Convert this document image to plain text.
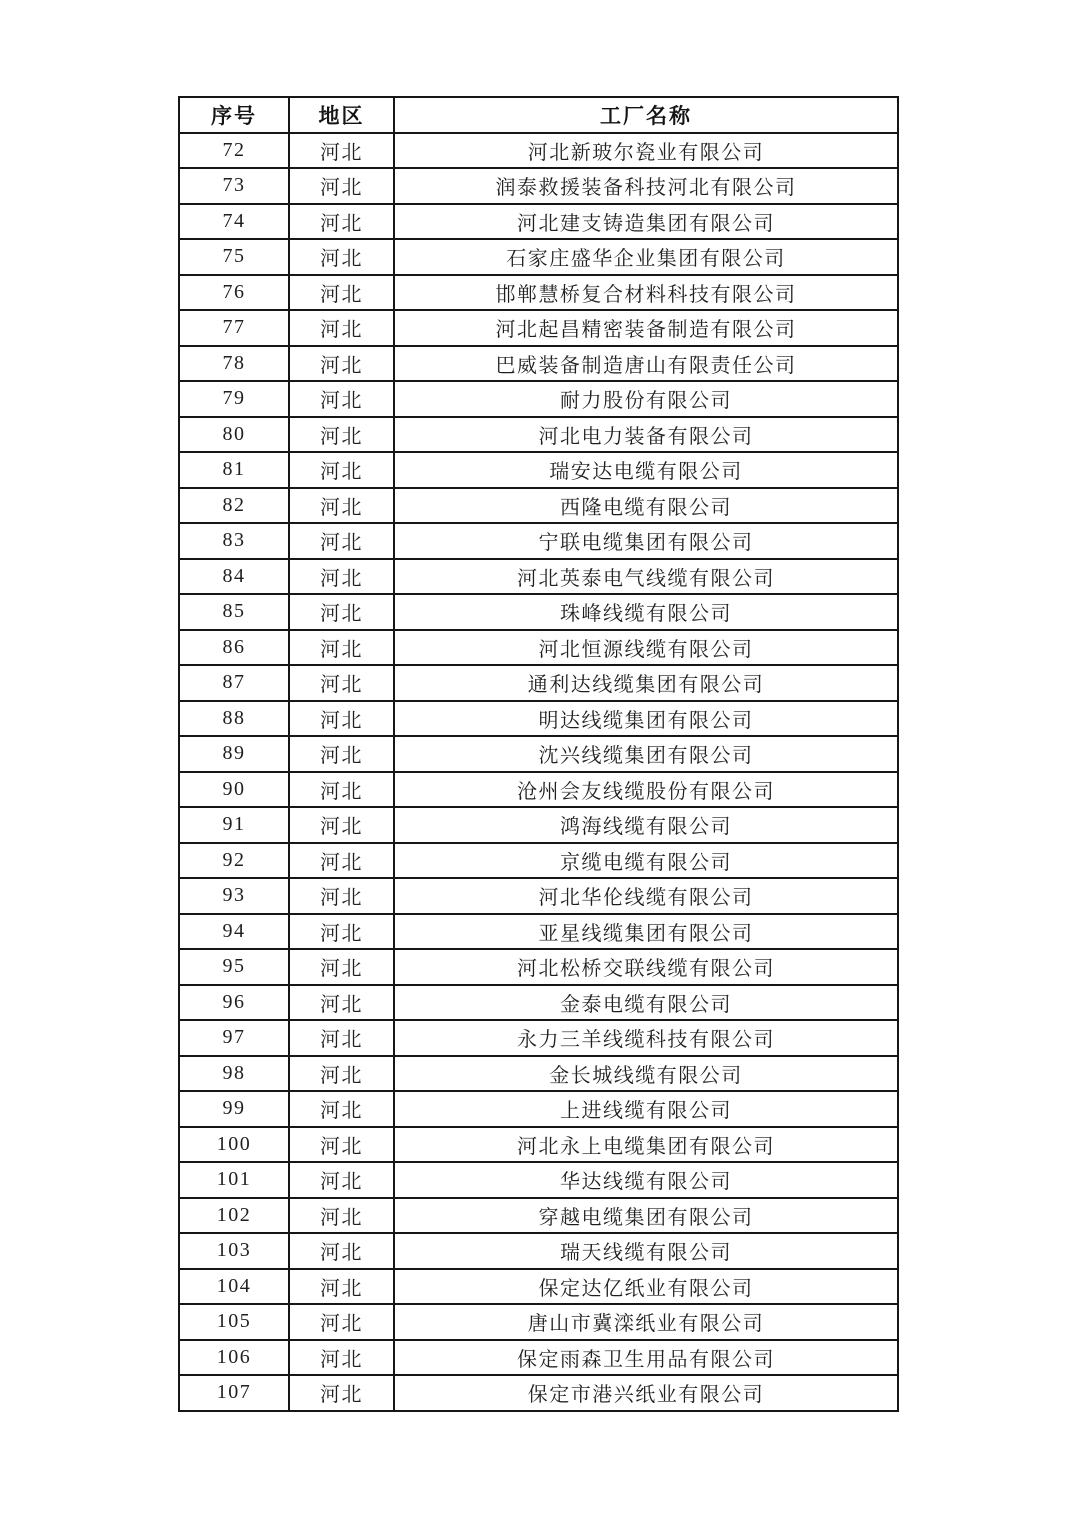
序号	地区	工厂名称
72	河北	河北新玻尔瓷业有限公司
73	河北	润泰救援装备科技河北有限公司
74	河北	河北建支铸造集团有限公司
75	河北	石家庄盛华企业集团有限公司
76	河北	邯郸慧桥复合材料科技有限公司
77	河北	河北起昌精密装备制造有限公司
78	河北	巴威装备制造唐山有限责任公司
79	河北	耐力股份有限公司
80	河北	河北电力装备有限公司
81	河北	瑞安达电缆有限公司
82	河北	西隆电缆有限公司
83	河北	宁联电缆集团有限公司
84	河北	河北英泰电气线缆有限公司
85	河北	珠峰线缆有限公司
86	河北	河北恒源线缆有限公司
87	河北	通利达线缆集团有限公司
88	河北	明达线缆集团有限公司
89	河北	沈兴线缆集团有限公司
90	河北	沧州会友线缆股份有限公司
91	河北	鸿海线缆有限公司
92	河北	京缆电缆有限公司
93	河北	河北华伦线缆有限公司
94	河北	亚星线缆集团有限公司
95	河北	河北松桥交联线缆有限公司
96	河北	金泰电缆有限公司
97	河北	永力三羊线缆科技有限公司
98	河北	金长城线缆有限公司
99	河北	上进线缆有限公司
100	河北	河北永上电缆集团有限公司
101	河北	华达线缆有限公司
102	河北	穿越电缆集团有限公司
103	河北	瑞天线缆有限公司
104	河北	保定达亿纸业有限公司
105	河北	唐山市冀滦纸业有限公司
106	河北	保定雨森卫生用品有限公司
107	河北	保定市港兴纸业有限公司
